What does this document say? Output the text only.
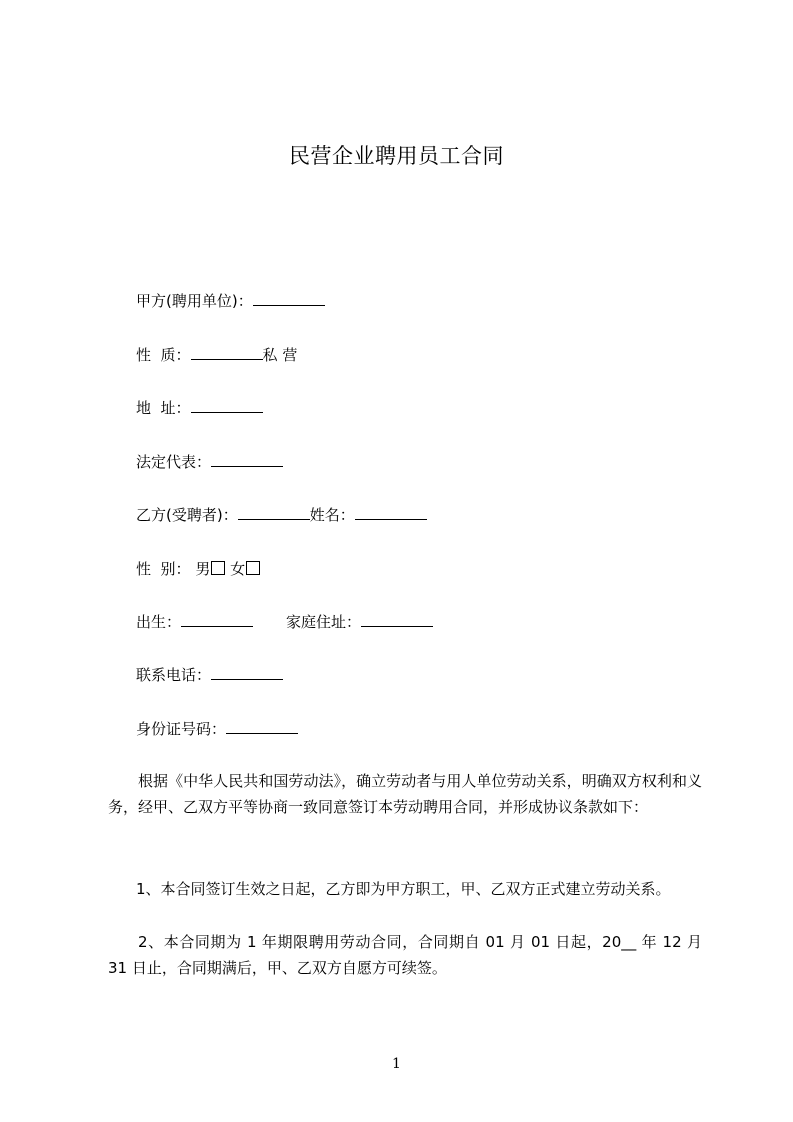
民营企业聘用员工合同
甲方(聘用单位)：
性  质：	私 营
地  址：
法定代表：
乙方(受聘者)：	姓名：
性  别： 男 女
出生：	家庭住址：
联系电话：
身份证号码：
根据《中华人民共和国劳动法》，确立劳动者与用人单位劳动关系，明确双方权利和义务，经甲、乙双方平等协商一致同意签订本劳动聘用合同，并形成协议条款如下：
1、本合同签订生效之日起，乙方即为甲方职工，甲、乙双方正式建立劳动关系。
2、本合同期为 1 年期限聘用劳动合同，合同期自 01 月 01 日起，20__ 年 12 月 31 日止，合同期满后，甲、乙双方自愿方可续签。
1
